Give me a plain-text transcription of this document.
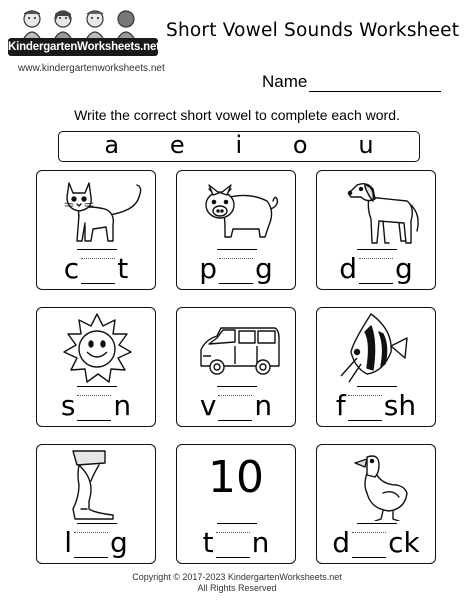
KindergartenWorksheets.net
www.kindergartenworksheets.net
Short Vowel Sounds Worksheet
Name
Write the correct short vowel to complete each word.
a e i o u
c t	p g	d g
s n	v n	f sh
l g
10
t n	d ck
Copyright © 2017-2023 KindergartenWorksheets.net
All Rights Reserved
